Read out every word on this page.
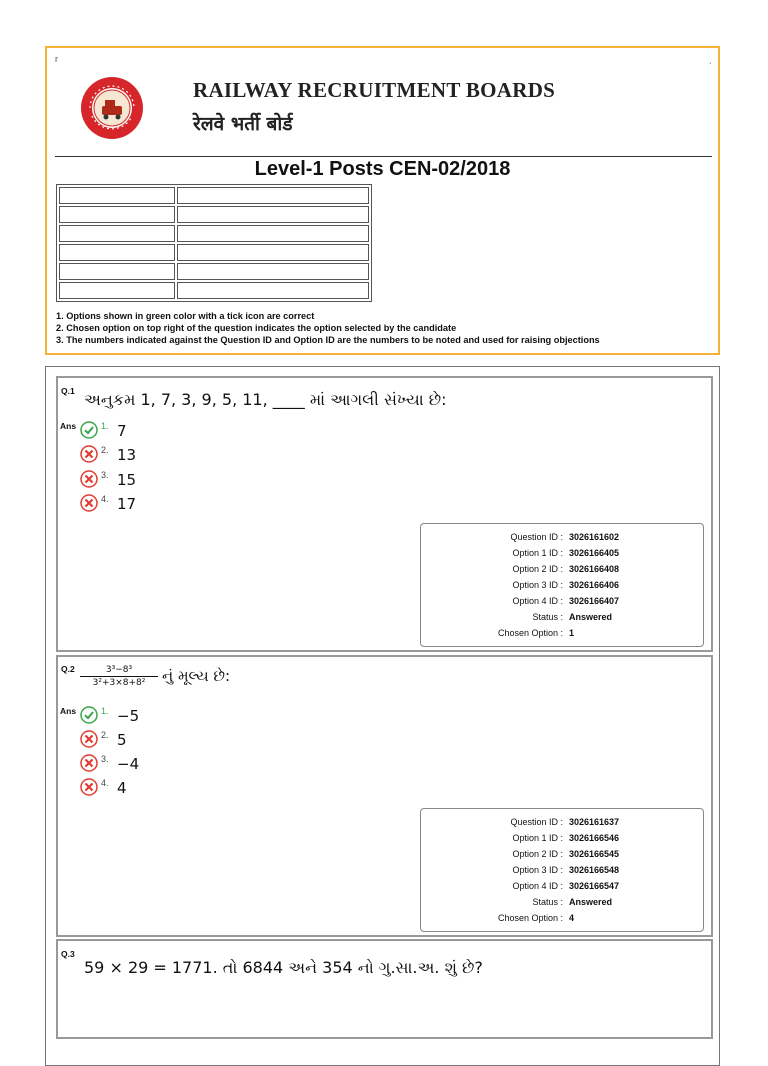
r	ˎ
RAILWAY RECRUITMENT BOARDS
रेलवे भर्ती बोर्ड
Level-1 Posts CEN-02/2018

1. Options shown in green color with a tick icon are correct
2. Chosen option on top right of the question indicates the option selected by the candidate
3. The numbers indicated against the Question ID and Option ID are the numbers to be noted and used for raising objections
Q.1 અનુકમ 1, 7, 3, 9, 5, 11, ____ માં આગલી સંખ્યા છે:
Ans	1. 7
2. 13
3. 15
4. 17
Question ID : 3026161602
Option 1 ID : 3026166405
Option 2 ID : 3026166408
Option 3 ID : 3026166406
Option 4 ID : 3026166407
Status : Answered
Chosen Option : 1
$Q.2 \frac{\text{3³−8³}}{\text{3²+3×8+8²}}$ નું મૂલ્ય છે:
Ans	1. −5
2. 5
3. −4
4. 4
Question ID : 3026161637
Option 1 ID : 3026166546
Option 2 ID : 3026166545
Option 3 ID : 3026166548
Option 4 ID : 3026166547
Status : Answered
Chosen Option : 4
Q.3
59 × 29 = 1771. તો 6844 અને 354 નો ગુ.સા.અ. શું છે?
